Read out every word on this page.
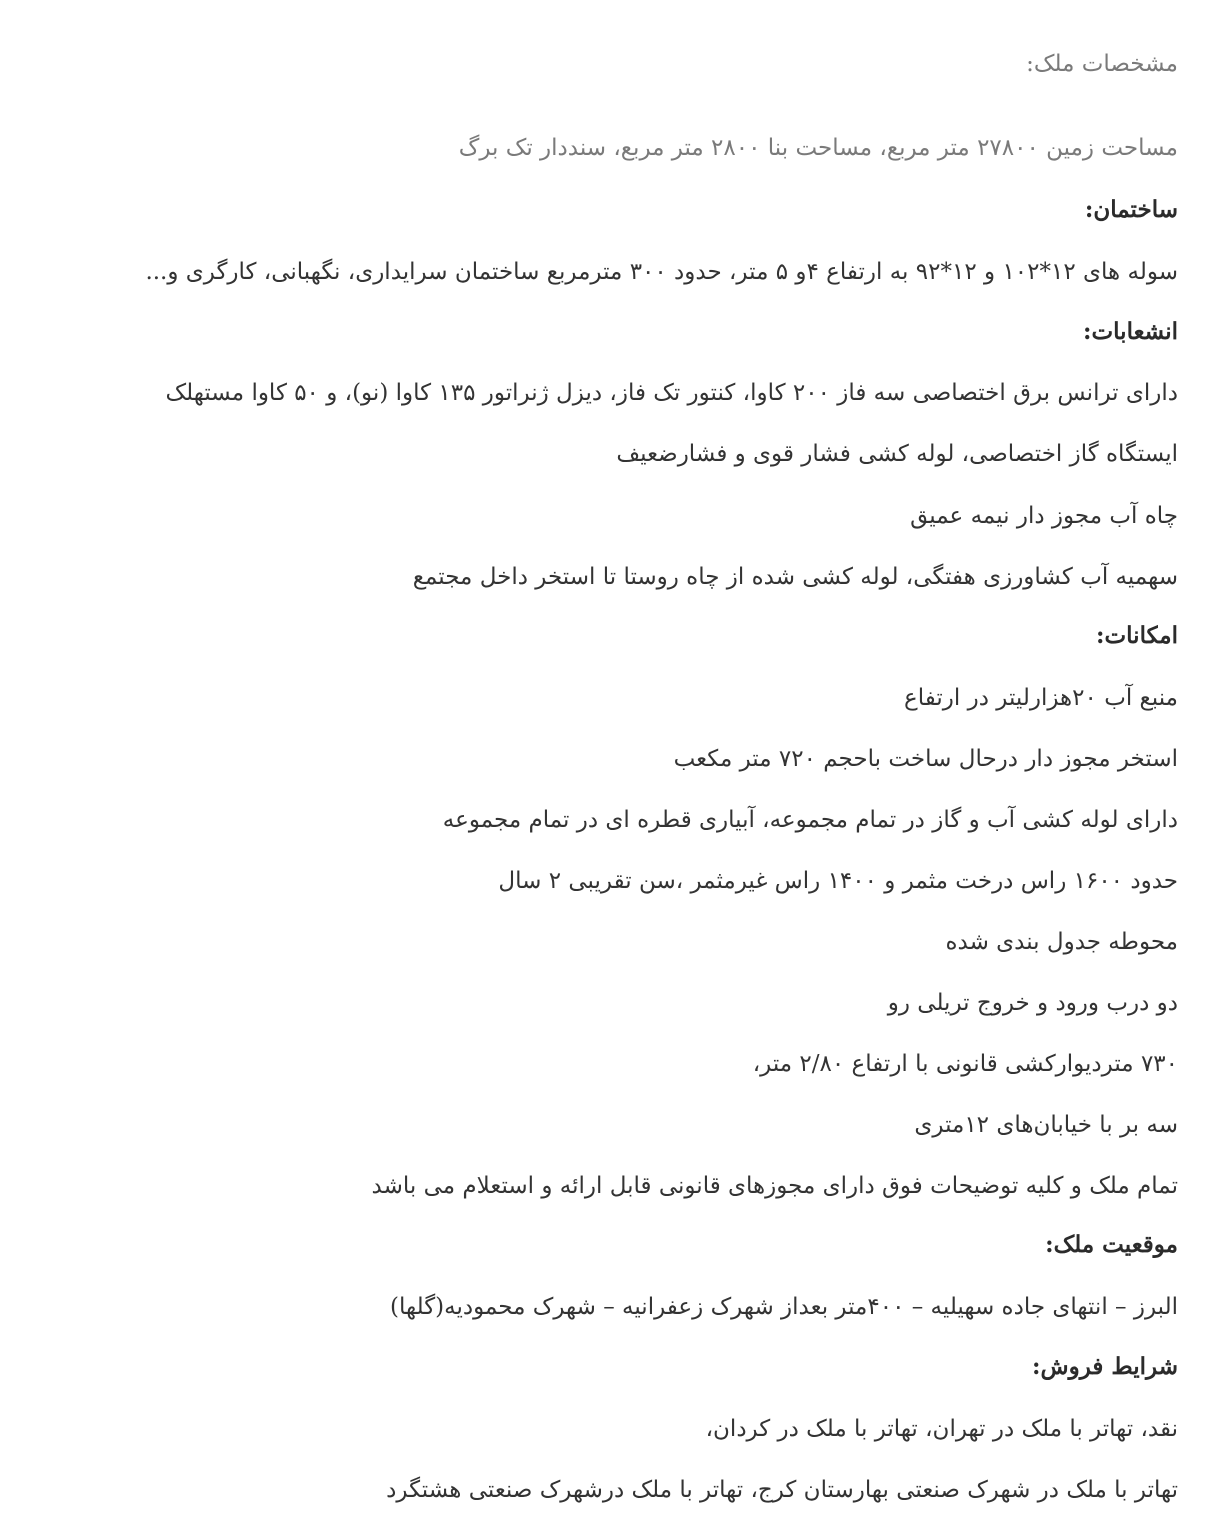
مشخصات ملک:
مساحت زمین ۲۷۸۰۰ متر مربع، مساحت بنا ۲۸۰۰ متر مربع، سنددار تک برگ
ساختمان:
سوله های ۱۲*۱۰۲ و ۱۲*۹۲ به ارتفاع ۴و ۵ متر، حدود ۳۰۰ مترمربع ساختمان سرایداری، نگهبانی، کارگری و...
انشعابات:
دارای ترانس برق اختصاصی سه فاز ۲۰۰ کاوا، کنتور تک فاز، دیزل ژنراتور ۱۳۵ کاوا (نو)، و ۵۰ کاوا مستهلک
ایستگاه گاز اختصاصی، لوله کشی فشار قوی و فشارضعیف
چاه آب مجوز دار نیمه عمیق
سهمیه آب کشاورزی هفتگی، لوله کشی شده از چاه روستا تا استخر داخل مجتمع
امکانات:
منبع آب ۲۰هزارلیتر در ارتفاع
استخر مجوز دار درحال ساخت باحجم ۷۲۰ متر مکعب
دارای لوله کشی آب و گاز در تمام مجموعه، آبیاری قطره ای در تمام مجموعه
حدود ۱۶۰۰ راس درخت مثمر و ۱۴۰۰ راس غیرمثمر ،سن تقریبی ۲ سال
محوطه جدول بندی شده
دو درب ورود و خروج تریلی رو
۷۳۰ متردیوارکشی قانونی با ارتفاع ۲/۸۰ متر،
سه بر با خیابان‌های ۱۲متری
تمام ملک و کلیه توضیحات فوق دارای مجوزهای قانونی قابل ارائه و استعلام می باشد
موقعیت ملک:
البرز – انتهای جاده سهیلیه – ۴۰۰متر بعداز شهرک زعفرانیه – شهرک محمودیه(گلها)
شرایط فروش:
نقد، تهاتر با ملک در تهران، تهاتر با ملک در کردان،
تهاتر با ملک در شهرک صنعتی بهارستان کرج، تهاتر با ملک درشهرک صنعتی هشتگرد
